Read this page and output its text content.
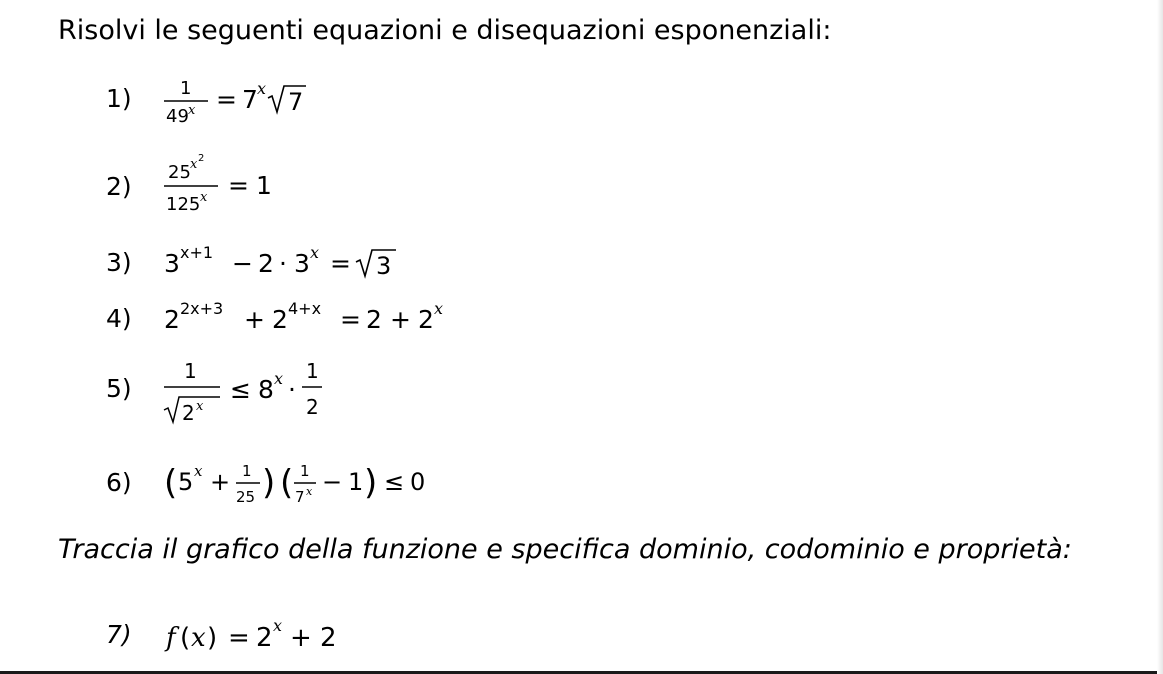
Risolvi le seguenti equazioni e disequazioni esponenziali:
1)	1
49 x = 7 x 7
2) 25 x 2
125 x = 1
3) 3 x+1 − 2 · 3 x = 3
4) 2 2x+3 + 2 4+x = 2 + 2 x
5)
1
2 x
≤ 8 x ·
1
2
6) ( 5 x + 1
25 ) ( 1
7 x − 1 ) ≤ 0
Traccia il grafico della funzione e specifica dominio, codominio e proprietà:
7) f ( x ) = 2 x + 2
